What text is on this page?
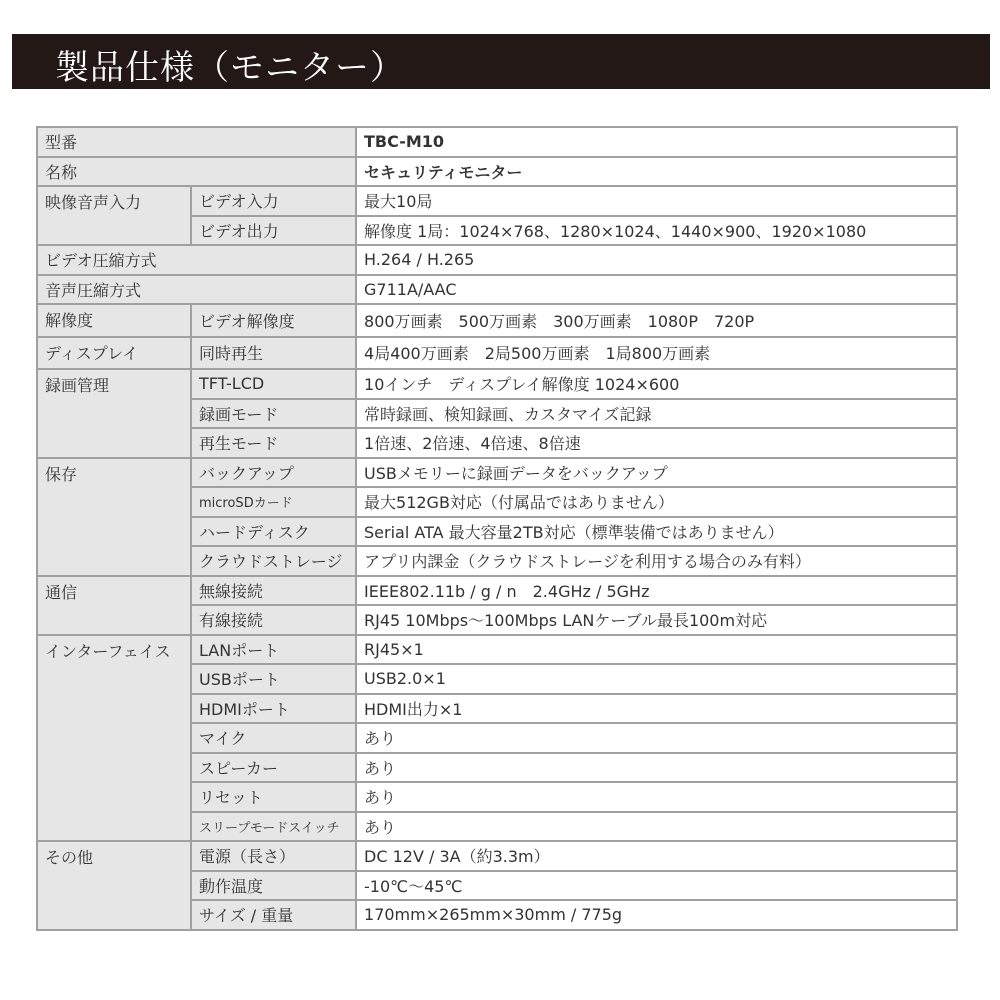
製品仕様（モニター）
型番		TBC-M10
名称		セキュリティモニター
映像音声入力	ビデオ入力	最大10局
	ビデオ出力	解像度 1局：1024×768、1280×1024、1440×900、1920×1080
ビデオ圧縮方式		H.264 / H.265
音声圧縮方式		G711A/AAC
解像度	ビデオ解像度	800万画素　500万画素　300万画素　1080P　720P
ディスプレイ	同時再生	4局400万画素　2局500万画素　1局800万画素
録画管理	TFT-LCD	10インチ　ディスプレイ解像度 1024×600
	録画モード	常時録画、検知録画、カスタマイズ記録
	再生モード	1倍速、2倍速、4倍速、8倍速
保存	バックアップ	USBメモリーに録画データをバックアップ
	microSDカード	最大512GB対応（付属品ではありません）
	ハードディスク	Serial ATA 最大容量2TB対応（標準装備ではありません）
	クラウドストレージ	アプリ内課金（クラウドストレージを利用する場合のみ有料）
通信	無線接続	IEEE802.11b / g / n　2.4GHz / 5GHz
	有線接続	RJ45 10Mbps～100Mbps LANケーブル最長100m対応
インターフェイス	LANポート	RJ45×1
	USBポート	USB2.0×1
	HDMIポート	HDMI出力×1
	マイク	あり
	スピーカー	あり
	リセット	あり
	スリープモードスイッチ	あり
その他	電源（長さ）	DC 12V / 3A（約3.3m）
	動作温度	-10℃～45℃
	サイズ / 重量	170mm×265mm×30mm / 775g
